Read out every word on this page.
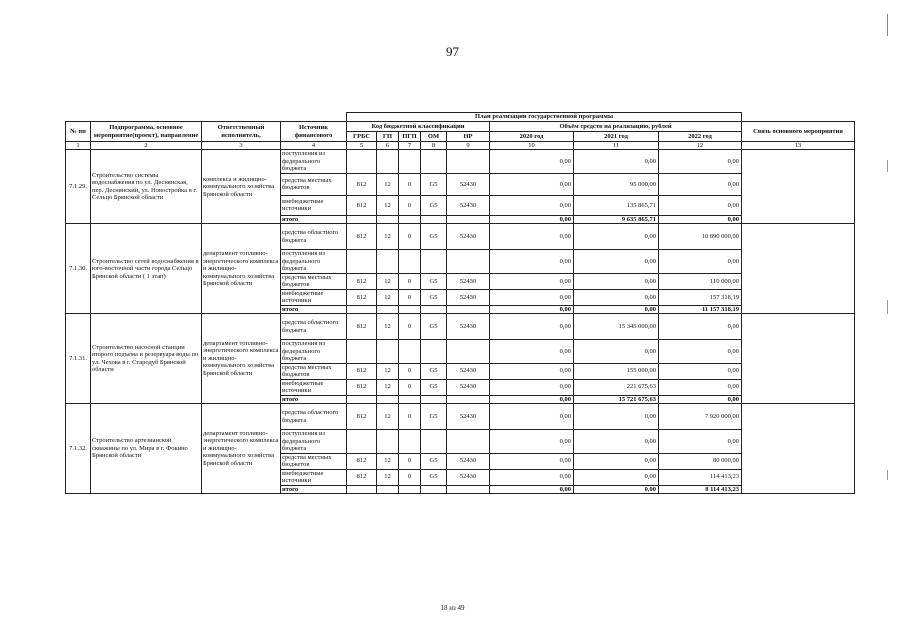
97
				План реализации государственной программы								
№ пп	Подпрограмма, основное мероприятие(проект), направление	Ответственный исполнитель,	Источник финансового	Код бюджетной классификации					Объём средств на реализацию, рублей			Связь основного мероприятия
				ГРБС	ГП	ПГП	ОМ	НР	2020 год	2021 год	2022 год	
1	2	3	4	5	6	7	8	9	10	11	12	13
7.1.29.	Строительство системы водоснабжения по ул. Деснянская, пер. Деснянский, ул. Новостройка в г. Сельцо Брянской области	комплекса и жилищно-коммунального хозяйства Брянской области	поступления из федерального бюджета						0,00	0,00	0,00	
			средства местных бюджетов	812	12	0	G5	52430	0,00	95 000,00	0,00	
			внебюджетные источники	812	12	0	G5	52430	0,00	135 865,71	0,00	
			итого						0,00	9 635 865,71	0,00	
7.1.30.	Строительство сетей водоснабжения в юго-восточной части города Сельцо Брянской области ( 1 этап)	департамент топливно-энергетического комплекса и жилищно-коммунального хозяйства Брянской области	средства областного бюджета	812	12	0	G5	52430	0,00	0,00	10 890 000,00	
			поступления из федерального бюджета						0,00	0,00	0,00	
			средства местных бюджетов	812	12	0	G5	52430	0,00	0,00	110 000,00	
			внебюджетные источники	812	12	0	G5	52430	0,00	0,00	157 318,19	
			итого						0,00	0,00	11 157 318,19	
7.1.31.	Строительство насосной станции второго подъема и резервуара воды по ул. Чехова в г. Стародуб Брянской области	департамент топливно-энергетического комплекса и жилищно-коммунального хозяйства Брянской области	средства областного бюджета	812	12	0	G5	52430	0,00	15 345 000,00	0,00	
			поступления из федерального бюджета						0,00	0,00	0,00	
			средства местных бюджетов	812	12	0	G5	52430	0,00	155 000,00	0,00	
			внебюджетные источники	812	12	0	G5	52430	0,00	221 675,63	0,00	
			итого						0,00	15 721 675,63	0,00	
7.1.32.	Строительство артезианской скважины по ул. Мира в г. Фокино Брянской области	департамент топливно-энергетического комплекса и жилищно-коммунального хозяйства Брянской области	средства областного бюджета	812	12	0	G5	52430	0,00	0,00	7 920 000,00	
			поступления из федерального бюджета						0,00	0,00	0,00	
			средства местных бюджетов	812	12	0	G5	52430	0,00	0,00	80 000,00	
			внебюджетные источники	812	12	0	G5	52430	0,00	0,00	114 413,23	
			итого						0,00	0,00	8 114 413,23	
18 из 49
